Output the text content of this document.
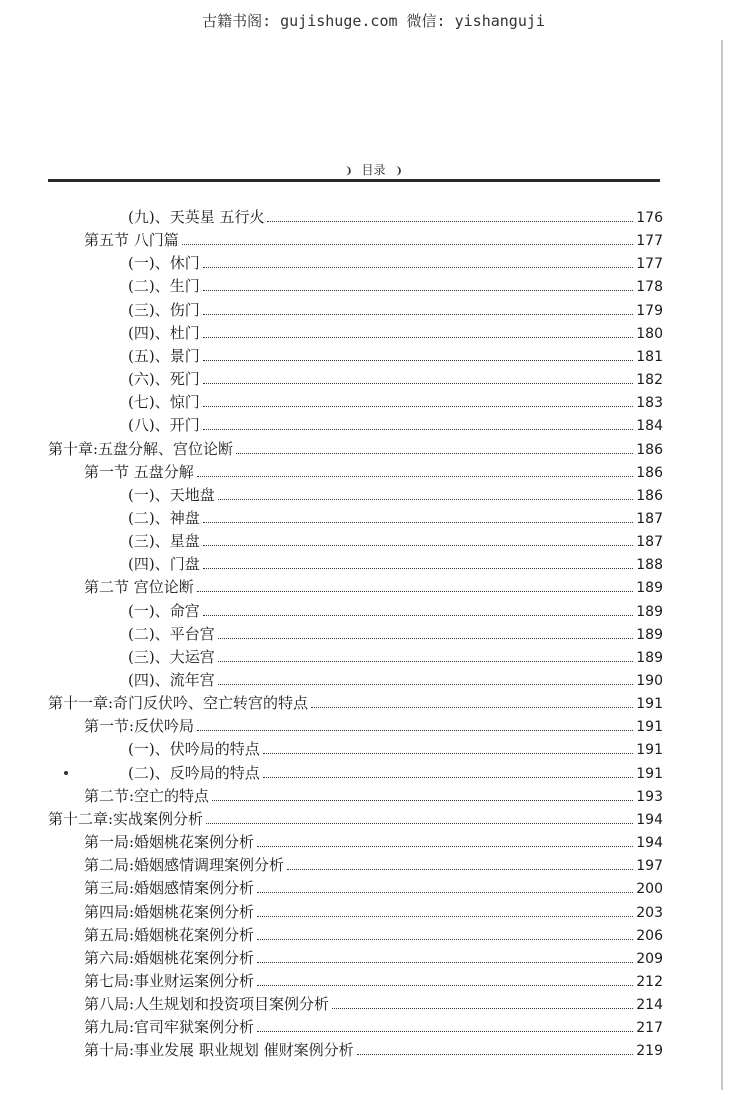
古籍书阁: gujishuge.com 微信: yishanguji
❩ 目录 ❩
(九)、天英星 五行火	176
第五节 八门篇	177
(一)、休门	177
(二)、生门	178
(三)、伤门	179
(四)、杜门	180
(五)、景门	181
(六)、死门	182
(七)、惊门	183
(八)、开门	184
第十章:五盘分解、宫位论断	186
第一节 五盘分解	186
(一)、天地盘	186
(二)、神盘	187
(三)、星盘	187
(四)、门盘	188
第二节 宫位论断	189
(一)、命宫	189
(二)、平台宫	189
(三)、大运宫	189
(四)、流年宫	190
第十一章:奇门反伏吟、空亡转宫的特点	191
第一节:反伏吟局	191
(一)、伏吟局的特点	191
(二)、反吟局的特点	191
第二节:空亡的特点	193
第十二章:实战案例分析	194
第一局:婚姻桃花案例分析	194
第二局:婚姻感情调理案例分析	197
第三局:婚姻感情案例分析	200
第四局:婚姻桃花案例分析	203
第五局:婚姻桃花案例分析	206
第六局:婚姻桃花案例分析	209
第七局:事业财运案例分析	212
第八局:人生规划和投资项目案例分析	214
第九局:官司牢狱案例分析	217
第十局:事业发展 职业规划 催财案例分析	219
